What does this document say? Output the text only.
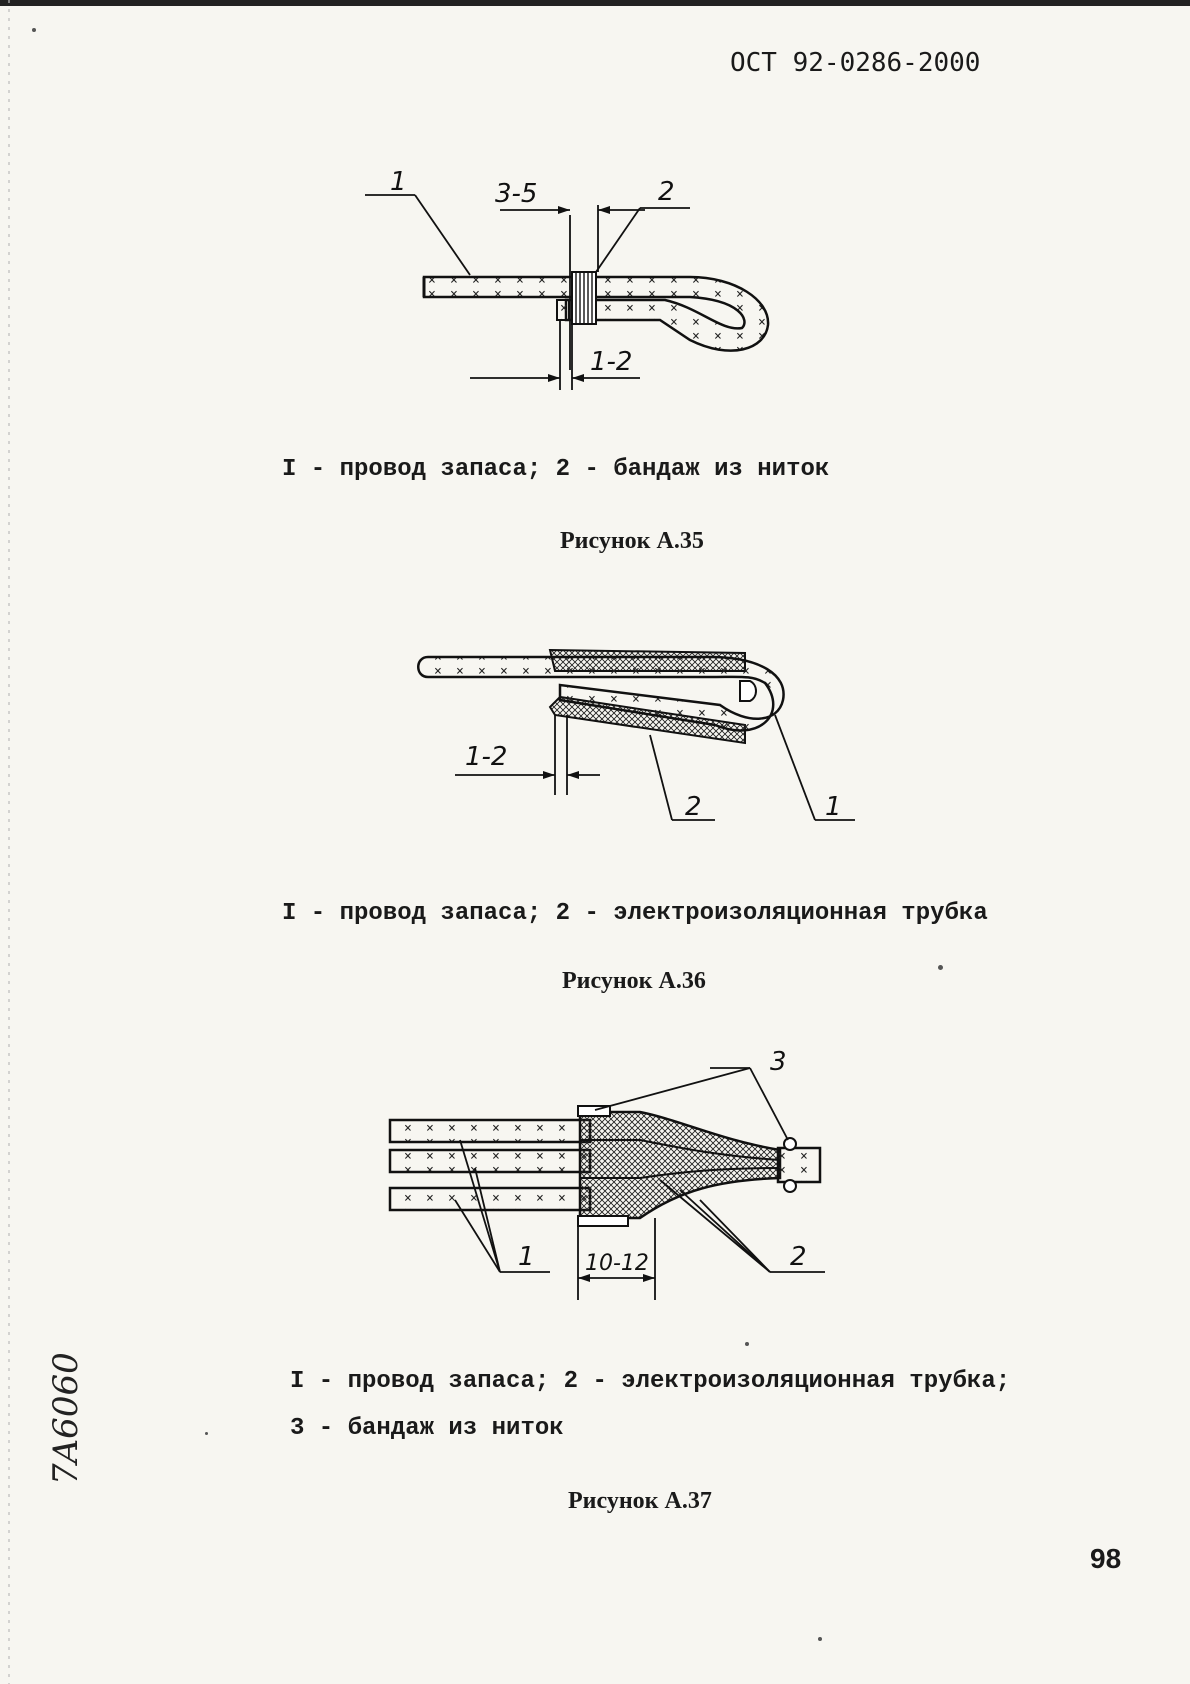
ОСТ 92-0286-2000
1	2
3-5
1-2
I - провод запаса; 2 - бандаж из ниток
Рисунок А.35
1-2
2	1
I - провод запаса; 2 - электроизоляционная трубка
Рисунок А.36
3
1	2
10-12
I - провод запаса; 2 - электроизоляционная трубка;
3 - бандаж из ниток
Рисунок А.37
98
7A6060
